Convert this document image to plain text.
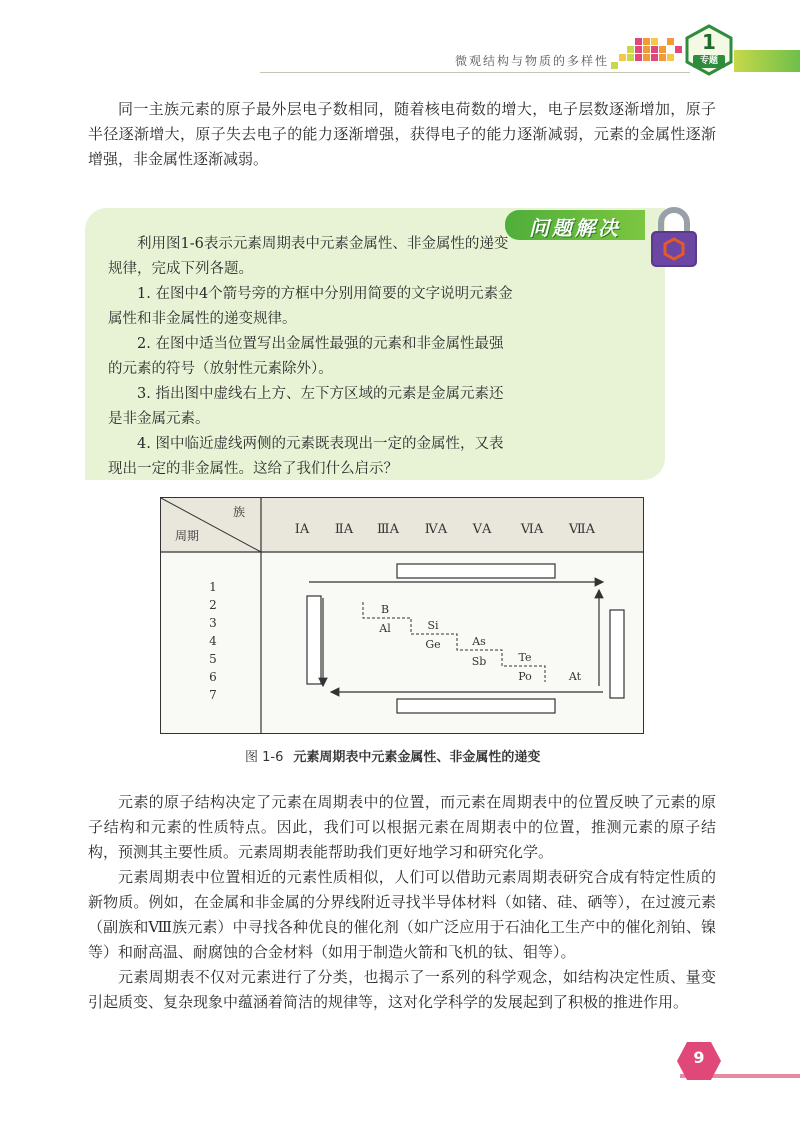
微观结构与物质的多样性
1
专题
同一主族元素的原子最外层电子数相同，随着核电荷数的增大，电子层数逐渐增加，原子半径逐渐增大，原子失去电子的能力逐渐增强，获得电子的能力逐渐减弱，元素的金属性逐渐增强，非金属性逐渐减弱。
问题解决

利用图1-6表示元素周期表中元素金属性、非金属性的递变规律，完成下列各题。

1. 在图中4个箭号旁的方框中分别用简要的文字说明元素金属性和非金属性的递变规律。

2. 在图中适当位置写出金属性最强的元素和非金属性最强的元素的符号（放射性元素除外）。

3. 指出图中虚线右上方、左下方区域的元素是金属元素还是非金属元素。

4. 图中临近虚线两侧的元素既表现出一定的金属性，又表现出一定的非金属性。这给了我们什么启示？

族
周期	ⅠA ⅡA ⅢA ⅣA ⅤA ⅥA ⅦA
1
2
3
4
5
6
7
B
Al	Si
Ge	As
Sb	Te
Po	At
图 1-6 元素周期表中元素金属性、非金属性的递变
元素的原子结构决定了元素在周期表中的位置，而元素在周期表中的位置反映了元素的原子结构和元素的性质特点。因此，我们可以根据元素在周期表中的位置，推测元素的原子结构，预测其主要性质。元素周期表能帮助我们更好地学习和研究化学。
元素周期表中位置相近的元素性质相似，人们可以借助元素周期表研究合成有特定性质的新物质。例如，在金属和非金属的分界线附近寻找半导体材料（如锗、硅、硒等），在过渡元素（副族和Ⅷ族元素）中寻找各种优良的催化剂（如广泛应用于石油化工生产中的催化剂铂、镍等）和耐高温、耐腐蚀的合金材料（如用于制造火箭和飞机的钛、钼等）。
元素周期表不仅对元素进行了分类，也揭示了一系列的科学观念，如结构决定性质、量变引起质变、复杂现象中蕴涵着简洁的规律等，这对化学科学的发展起到了积极的推进作用。
9
